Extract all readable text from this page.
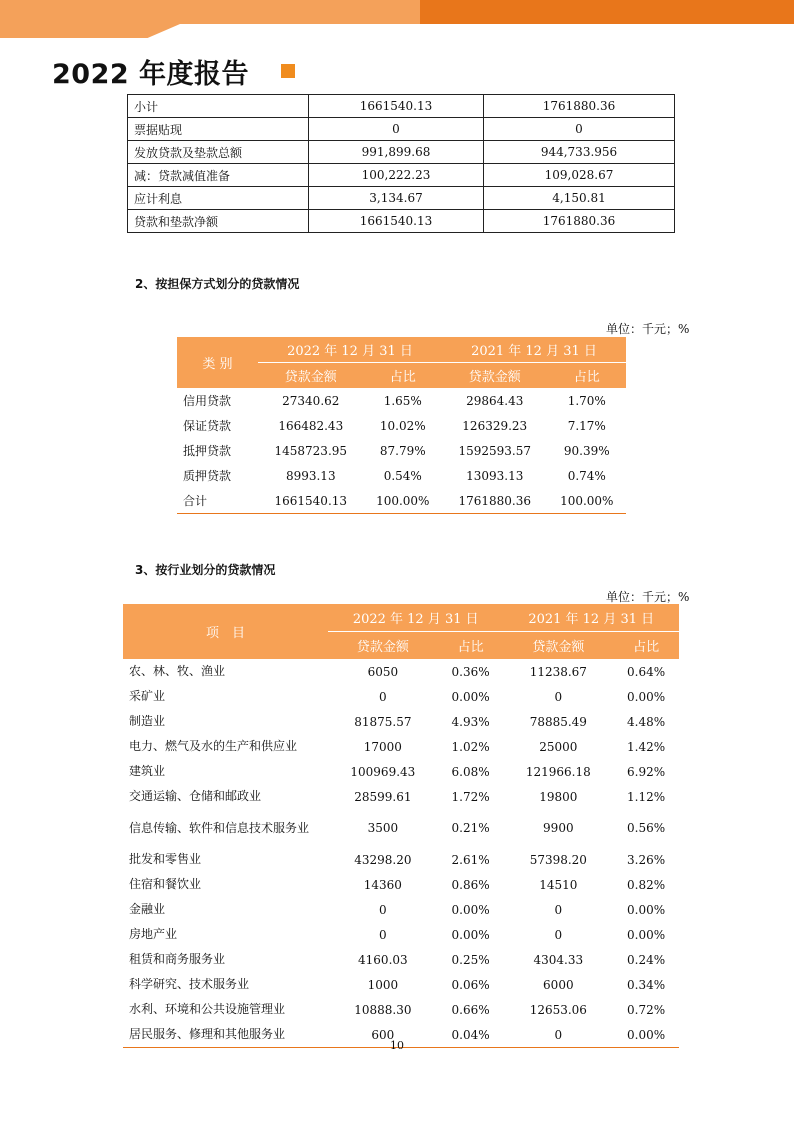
2022 年度报告
小计	1661540.13	1761880.36
票据贴现	0	0
发放贷款及垫款总额	991,899.68	944,733.956
减：贷款减值准备	100,222.23	109,028.67
应计利息	3,134.67	4,150.81
贷款和垫款净额	1661540.13	1761880.36
2、按担保方式划分的贷款情况
单位：千元；%
类 别	2022 年 12 月 31 日		2021 年 12 月 31 日	
	贷款金额	占比	贷款金额	占比
信用贷款	27340.62	1.65%	29864.43	1.70%
保证贷款	166482.43	10.02%	126329.23	7.17%
抵押贷款	1458723.95	87.79%	1592593.57	90.39%
质押贷款	8993.13	0.54%	13093.13	0.74%
合计	1661540.13	100.00%	1761880.36	100.00%
3、按行业划分的贷款情况
单位：千元；%
项　目	2022 年 12 月 31 日		2021 年 12 月 31 日	
	贷款金额	占比	贷款金额	占比
农、林、牧、渔业	6050	0.36%	11238.67	0.64%
采矿业	0	0.00%	0	0.00%
制造业	81875.57	4.93%	78885.49	4.48%
电力、燃气及水的生产和供应业	17000	1.02%	25000	1.42%
建筑业	100969.43	6.08%	121966.18	6.92%
交通运输、仓储和邮政业	28599.61	1.72%	19800	1.12%
信息传输、软件和信息技术服务业	3500	0.21%	9900	0.56%
批发和零售业	43298.20	2.61%	57398.20	3.26%
住宿和餐饮业	14360	0.86%	14510	0.82%
金融业	0	0.00%	0	0.00%
房地产业	0	0.00%	0	0.00%
租赁和商务服务业	4160.03	0.25%	4304.33	0.24%
科学研究、技术服务业	1000	0.06%	6000	0.34%
水利、环境和公共设施管理业	10888.30	0.66%	12653.06	0.72%
居民服务、修理和其他服务业	600	0.04%	0	0.00%
10
